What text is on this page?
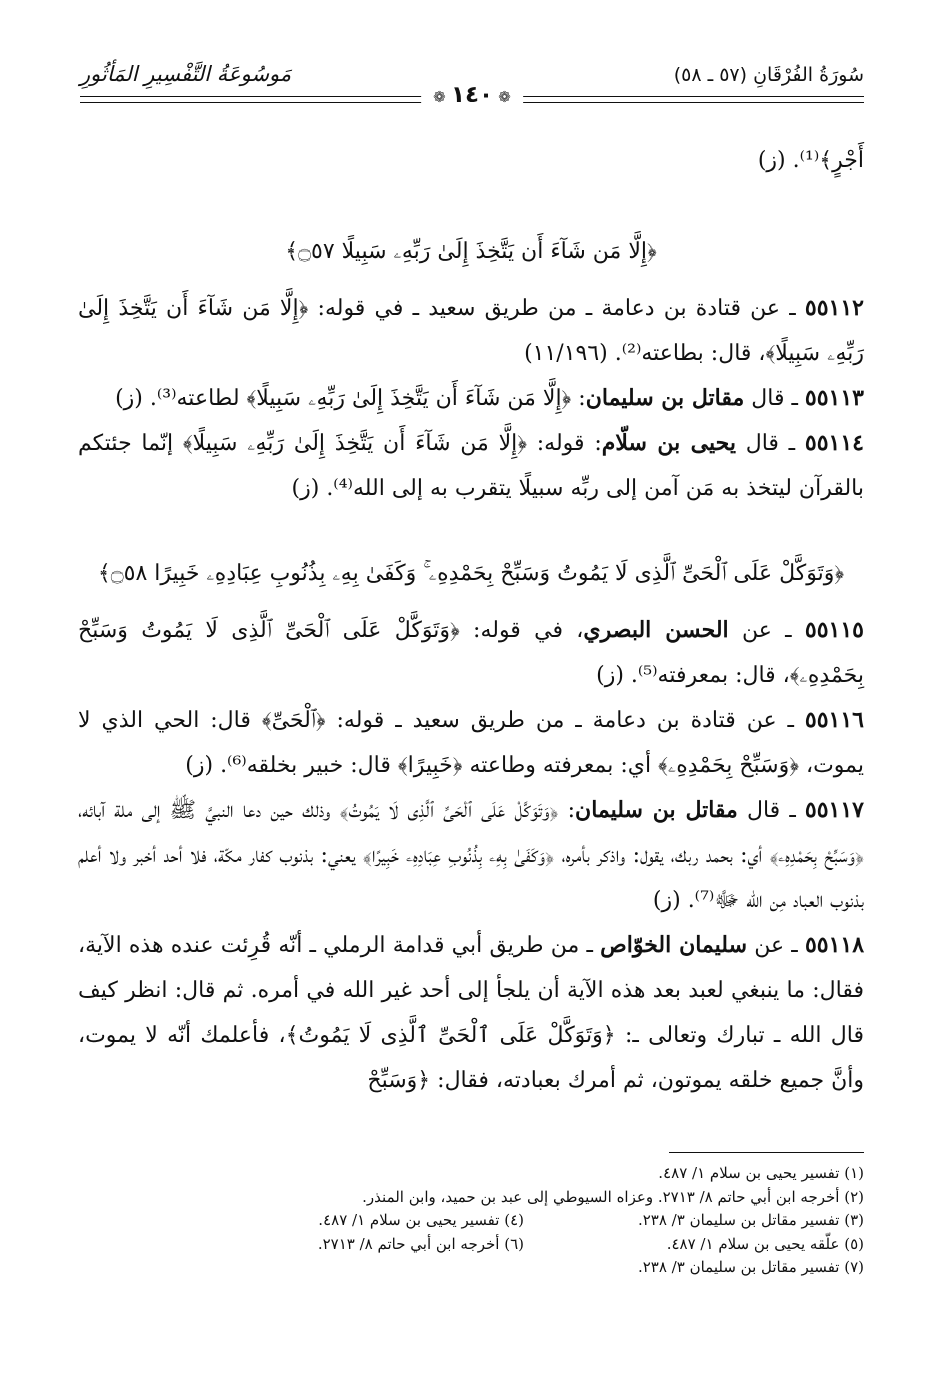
سُورَةُ الفُرْقَانِ (٥٧ ـ ٥٨)
مَوسُوعَةُ التَّفْسِيرِ المَأثُورِ
❁ ١٤٠ ❁

أَجْرٍ﴾⁽¹⁾. (ز)

﴿إِلَّا مَن شَآءَ أَن يَتَّخِذَ إِلَىٰ رَبِّهِۦ سَبِيلًا ۝٥٧﴾

٥٥١١٢ ـ عن قتادة بن دعامة ـ من طريق سعيد ـ في قوله: ﴿إِلَّا مَن شَآءَ أَن يَتَّخِذَ إِلَىٰ رَبِّهِۦ سَبِيلًا﴾، قال: بطاعته⁽²⁾. (١١/١٩٦)

٥٥١١٣ ـ قال مقاتل بن سليمان: ﴿إِلَّا مَن شَآءَ أَن يَتَّخِذَ إِلَىٰ رَبِّهِۦ سَبِيلًا﴾ لطاعته⁽³⁾. (ز)

٥٥١١٤ ـ قال يحيى بن سلّام: قوله: ﴿إِلَّا مَن شَآءَ أَن يَتَّخِذَ إِلَىٰ رَبِّهِۦ سَبِيلًا﴾ إنّما جئتكم بالقرآن ليتخذ به مَن آمن إلى ربِّه سبيلًا يتقرب به إلى الله⁽⁴⁾. (ز)

﴿وَتَوَكَّلْ عَلَى ٱلْحَىِّ ٱلَّذِى لَا يَمُوتُ وَسَبِّحْ بِحَمْدِهِۦ ۚ وَكَفَىٰ بِهِۦ بِذُنُوبِ عِبَادِهِۦ خَبِيرًا ۝٥٨﴾

٥٥١١٥ ـ عن الحسن البصري، في قوله: ﴿وَتَوَكَّلْ عَلَى ٱلْحَىِّ ٱلَّذِى لَا يَمُوتُ وَسَبِّحْ بِحَمْدِهِۦ﴾، قال: بمعرفته⁽⁵⁾. (ز)

٥٥١١٦ ـ عن قتادة بن دعامة ـ من طريق سعيد ـ قوله: ﴿ٱلْحَىِّ﴾ قال: الحي الذي لا يموت، ﴿وَسَبِّحْ بِحَمْدِهِۦ﴾ أي: بمعرفته وطاعته ﴿خَبِيرًا﴾ قال: خبير بخلقه⁽⁶⁾. (ز)

٥٥١١٧ ـ قال مقاتل بن سليمان: ﴿وَتَوَكَّلْ عَلَى ٱلْحَىِّ ٱلَّذِى لَا يَمُوتُ﴾ وذلك حين دعا النبيَّ ﷺ إلى ملة آبائه، ﴿وَسَبِّحْ بِحَمْدِهِۦ﴾ أي: بحمد ربك، يقول: واذكر بأمره، ﴿وَكَفَىٰ بِهِۦ بِذُنُوبِ عِبَادِهِۦ خَبِيرًا﴾ يعني: بذنوب كفار مكّة، فلا أحد أخبر ولا أعلم بذنوب العباد مِن الله ﷻ⁽⁷⁾. (ز)

٥٥١١٨ ـ عن سليمان الخوّاص ـ من طريق أبي قدامة الرملي ـ أنّه قُرِئت عنده هذه الآية، فقال: ما ينبغي لعبد بعد هذه الآية أن يلجأ إلى أحد غير الله في أمره. ثم قال: انظر كيف قال الله ـ تبارك وتعالى ـ: ﴿وَتَوَكَّلْ عَلَى ٱلْحَىِّ ٱلَّذِى لَا يَمُوتُ﴾، فأعلمك أنّه لا يموت، وأنَّ جميع خلقه يموتون، ثم أمرك بعبادته، فقال: ﴿وَسَبِّحْ

(١) تفسير يحيى بن سلام ١/ ٤٨٧.
(٢) أخرجه ابن أبي حاتم ٨/ ٢٧١٣. وعزاه السيوطي إلى عبد بن حميد، وابن المنذر.
(٣) تفسير مقاتل بن سليمان ٣/ ٢٣٨.
(٤) تفسير يحيى بن سلام ١/ ٤٨٧.
(٥) علّقه يحيى بن سلام ١/ ٤٨٧.
(٦) أخرجه ابن أبي حاتم ٨/ ٢٧١٣.
(٧) تفسير مقاتل بن سليمان ٣/ ٢٣٨.
